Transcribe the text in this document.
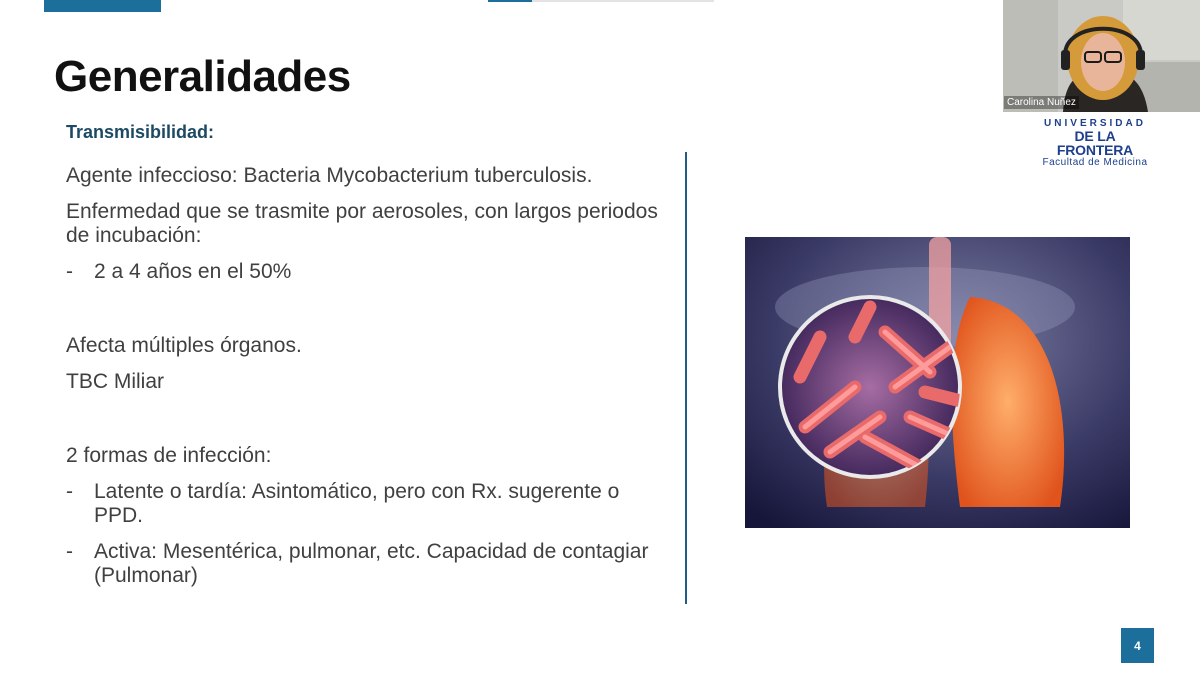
Generalidades
Transmisibilidad:
Agente infeccioso: Bacteria Mycobacterium tuberculosis.
Enfermedad que se trasmite por aerosoles, con largos periodos de incubación:
-	2 a 4 años en el 50%
Afecta múltiples órganos.
TBC Miliar
2 formas de infección:
-	Latente o tardía: Asintomático, pero con Rx. sugerente o PPD.
-	Activa: Mesentérica, pulmonar, etc. Capacidad de contagiar (Pulmonar)
Carolina Nuñez
UNIVERSIDAD
DE LA FRONTERA
Facultad de Medicina
4
